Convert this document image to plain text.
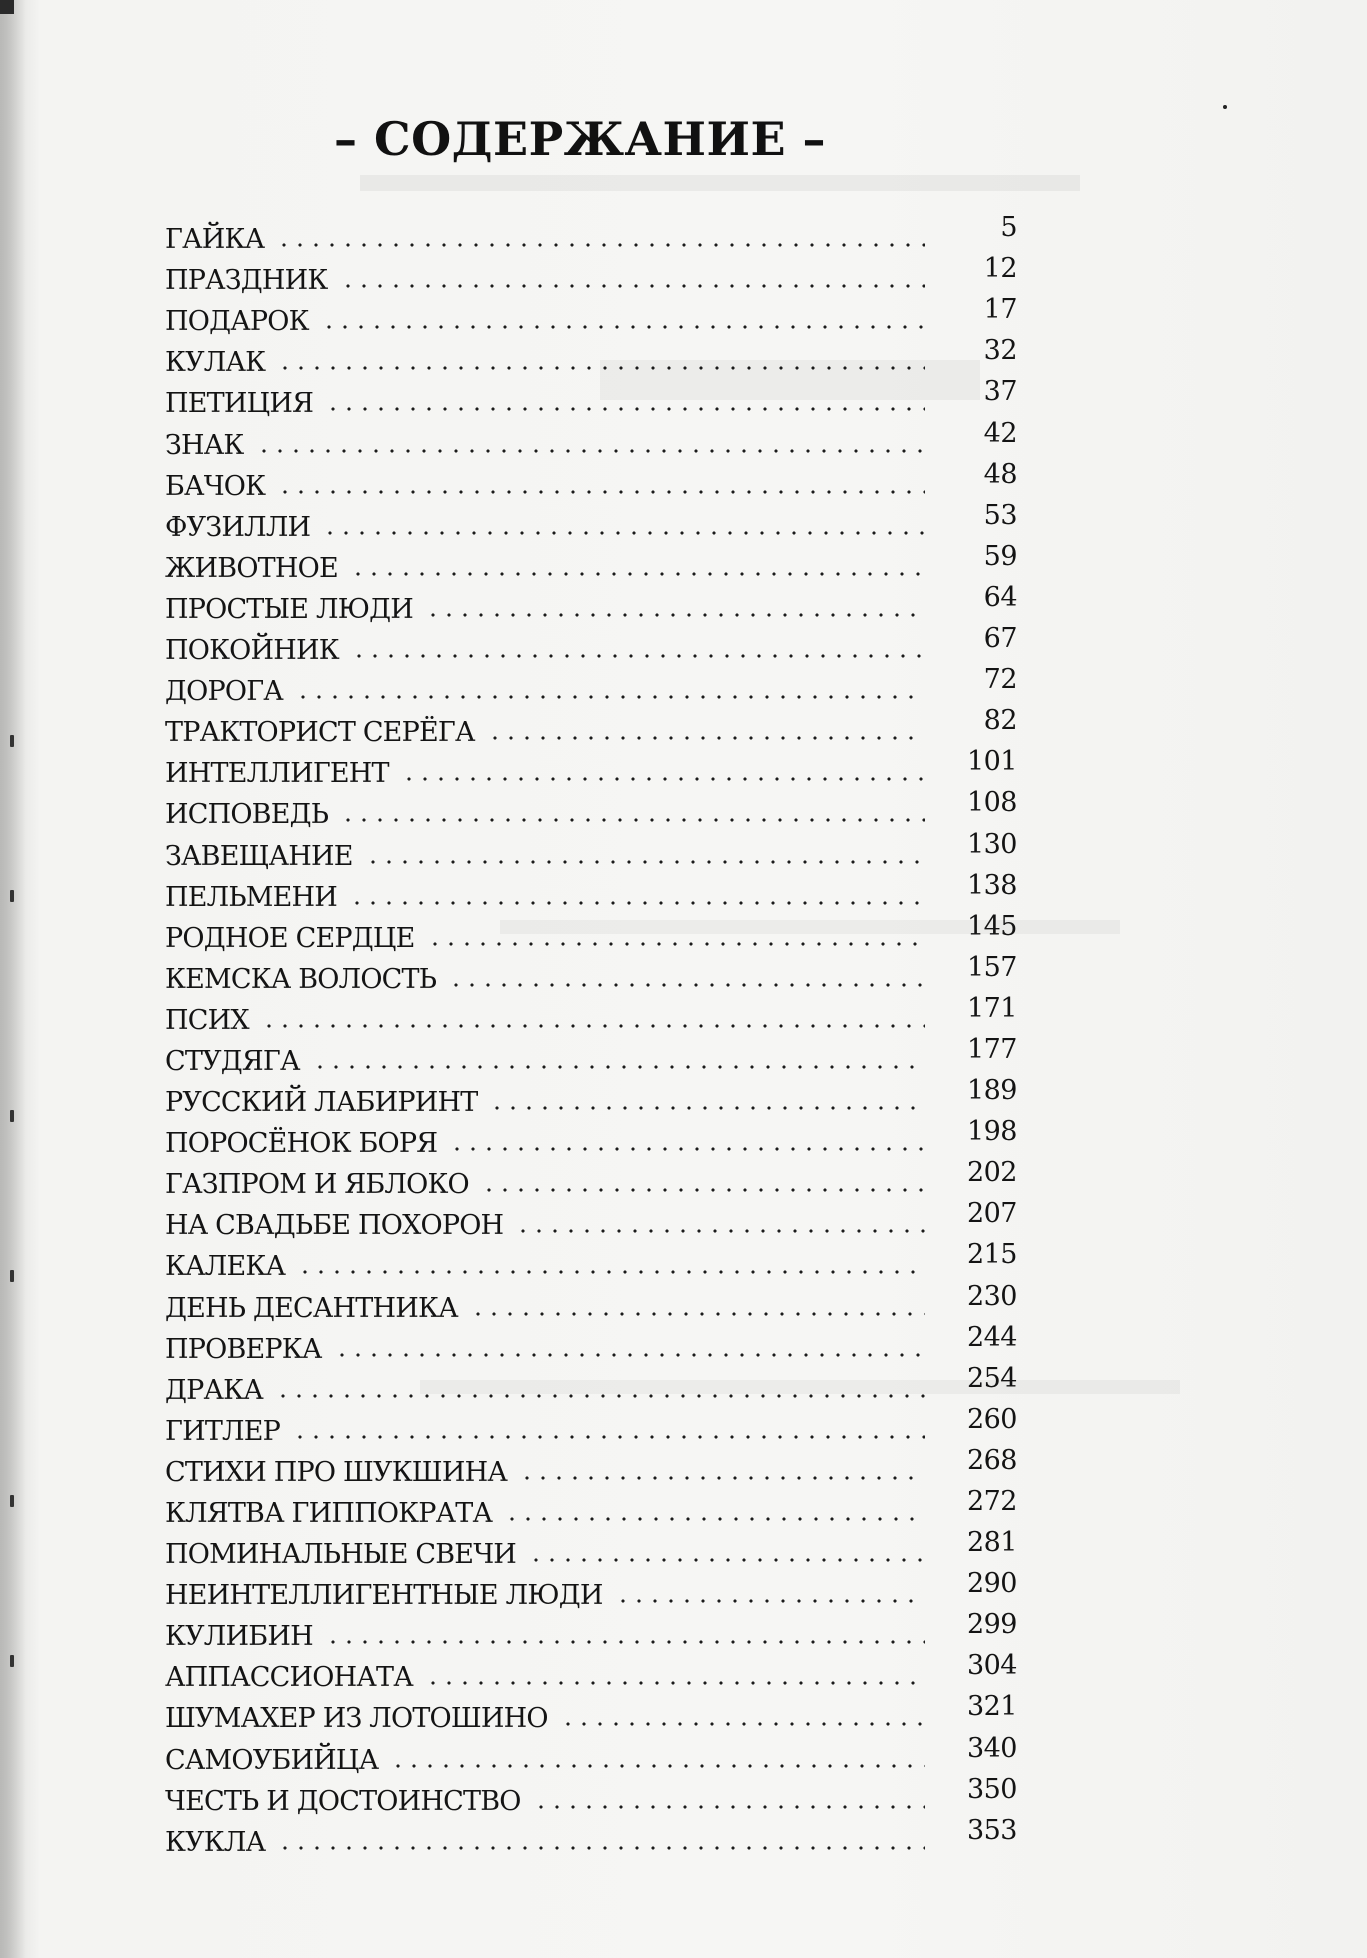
– СОДЕРЖАНИЕ –
ГАЙКА	5
ПРАЗДНИК	12
ПОДАРОК	17
КУЛАК	32
ПЕТИЦИЯ	37
ЗНАК	42
БАЧОК	48
ФУЗИЛЛИ	53
ЖИВОТНОЕ	59
ПРОСТЫЕ ЛЮДИ	64
ПОКОЙНИК	67
ДОРОГА	72
ТРАКТОРИСТ СЕРЁГА	82
ИНТЕЛЛИГЕНТ	101
ИСПОВЕДЬ	108
ЗАВЕЩАНИЕ	130
ПЕЛЬМЕНИ	138
РОДНОЕ СЕРДЦЕ	145
КЕМСКА ВОЛОСТЬ	157
ПСИХ	171
СТУДЯГА	177
РУССКИЙ ЛАБИРИНТ	189
ПОРОСЁНОК БОРЯ	198
ГАЗПРОМ И ЯБЛОКО	202
НА СВАДЬБЕ ПОХОРОН	207
КАЛЕКА	215
ДЕНЬ ДЕСАНТНИКА	230
ПРОВЕРКА	244
ДРАКА	254
ГИТЛЕР	260
СТИХИ ПРО ШУКШИНА	268
КЛЯТВА ГИППОКРАТА	272
ПОМИНАЛЬНЫЕ СВЕЧИ	281
НЕИНТЕЛЛИГЕНТНЫЕ ЛЮДИ	290
КУЛИБИН	299
АППАССИОНАТА	304
ШУМАХЕР ИЗ ЛОТОШИНО	321
САМОУБИЙЦА	340
ЧЕСТЬ И ДОСТОИНСТВО	350
КУКЛА	353
